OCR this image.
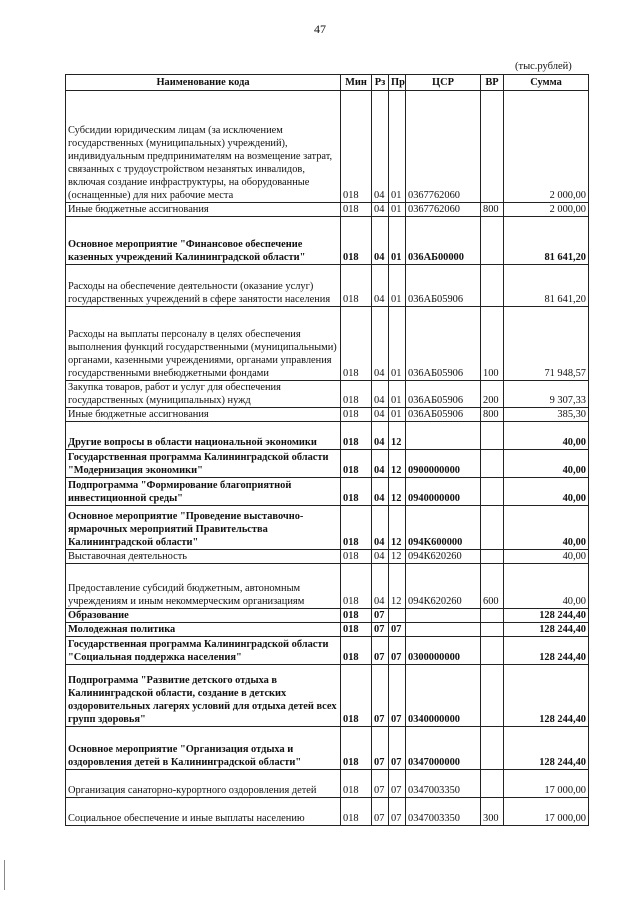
47
(тыс.рублей)
Наименование кода	Мин	Рз	Пр	ЦСР	ВР	Сумма
Субсидии юридическим лицам (за исключением государственных (муниципальных) учреждений), индивидуальным предпринимателям на возмещение затрат, связанных с трудоустройством незанятых инвалидов, включая создание инфраструктуры, на оборудованные (оснащенные) для них рабочие места	018	04	01	0367762060		2 000,00
Иные бюджетные ассигнования	018	04	01	0367762060	800	2 000,00
Основное мероприятие "Финансовое обеспечение казенных учреждений Калининградской области"	018	04	01	036АБ00000		81 641,20
Расходы на обеспечение деятельности (оказание услуг) государственных учреждений в сфере занятости населения	018	04	01	036АБ05906		81 641,20
Расходы на выплаты персоналу в целях обеспечения выполнения функций государственными (муниципальными) органами, казенными учреждениями, органами управления государственными внебюджетными фондами	018	04	01	036АБ05906	100	71 948,57
Закупка товаров, работ и услуг для обеспечения государственных (муниципальных) нужд	018	04	01	036АБ05906	200	9 307,33
Иные бюджетные ассигнования	018	04	01	036АБ05906	800	385,30
Другие вопросы в области национальной экономики	018	04	12			40,00
Государственная программа Калининградской области "Модернизация экономики"	018	04	12	0900000000		40,00
Подпрограмма "Формирование благоприятной инвестиционной среды"	018	04	12	0940000000		40,00
Основное мероприятие "Проведение выставочно-ярмарочных мероприятий Правительства Калининградской области"	018	04	12	094К600000		40,00
Выставочная деятельность	018	04	12	094К620260		40,00
Предоставление субсидий бюджетным, автономным учреждениям и иным некоммерческим организациям	018	04	12	094К620260	600	40,00
Образование	018	07				128 244,40
Молодежная политика	018	07	07			128 244,40
Государственная программа Калининградской области "Социальная поддержка населения"	018	07	07	0300000000		128 244,40
Подпрограмма "Развитие детского отдыха в Калининградской области, создание в детских оздоровительных лагерях условий для отдыха детей всех групп здоровья"	018	07	07	0340000000		128 244,40
Основное мероприятие "Организация отдыха и оздоровления детей в Калининградской области"	018	07	07	0347000000		128 244,40
Организация санаторно-курортного оздоровления детей	018	07	07	0347003350		17 000,00
Социальное обеспечение и иные выплаты населению	018	07	07	0347003350	300	17 000,00
